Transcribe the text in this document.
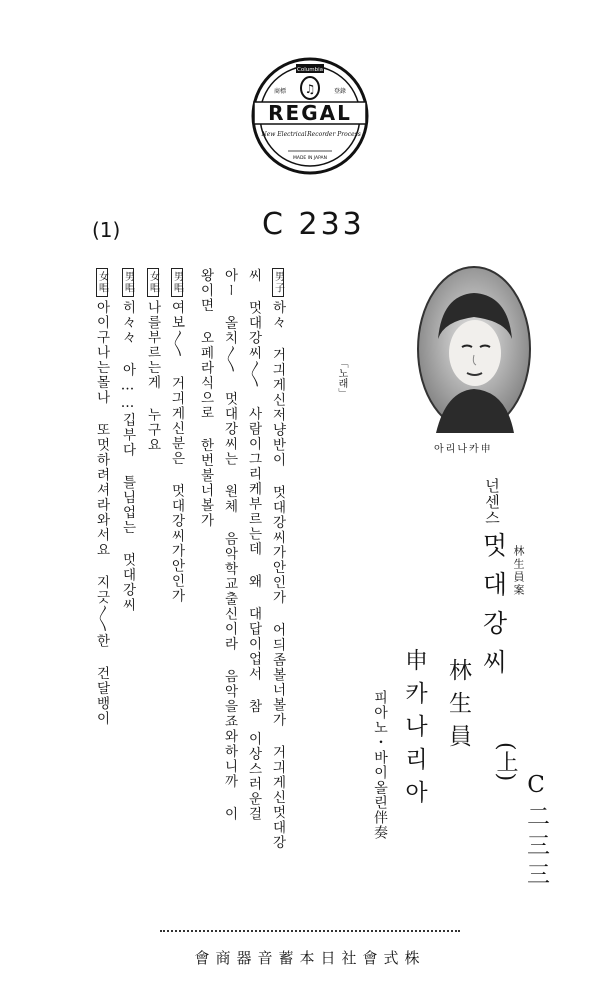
Columbia
♫
商標	登錄
REGAL
New Electrical Recorder Process
MADE IN JAPAN
C 233
(1)
男子하々 거긔게신저냥반이 멋대강씨가안인가 어듸좀볼너볼가 거긔게신멋대강
씨 멋대강씨〳〵 사람이그리케부르는데 왜 대답이업서 참 이상스러운걸
아ー 올치〳〵 멋대강씨는 원체 음악학교출신이라 음악을죠와하니까 이
왕이면 오페라식으로 한번불너볼가
男唱여보〳〵 거긔게신분은 멋대강씨가안인가
女唱나를부르는게 누구요
男唱히々々 아……깁부다 틀님업는 멋대강씨
女唱아이구나는몰나 또멋하려셔라와서요 지긋〳〵한 건달뱅이	「노래」
申카나리아
넌센스
멋대강씨
(上)
林生員案
林生員
申카나리아
피아노・바이올린伴奏	C二三三
株式會社日本蓄音器商會
